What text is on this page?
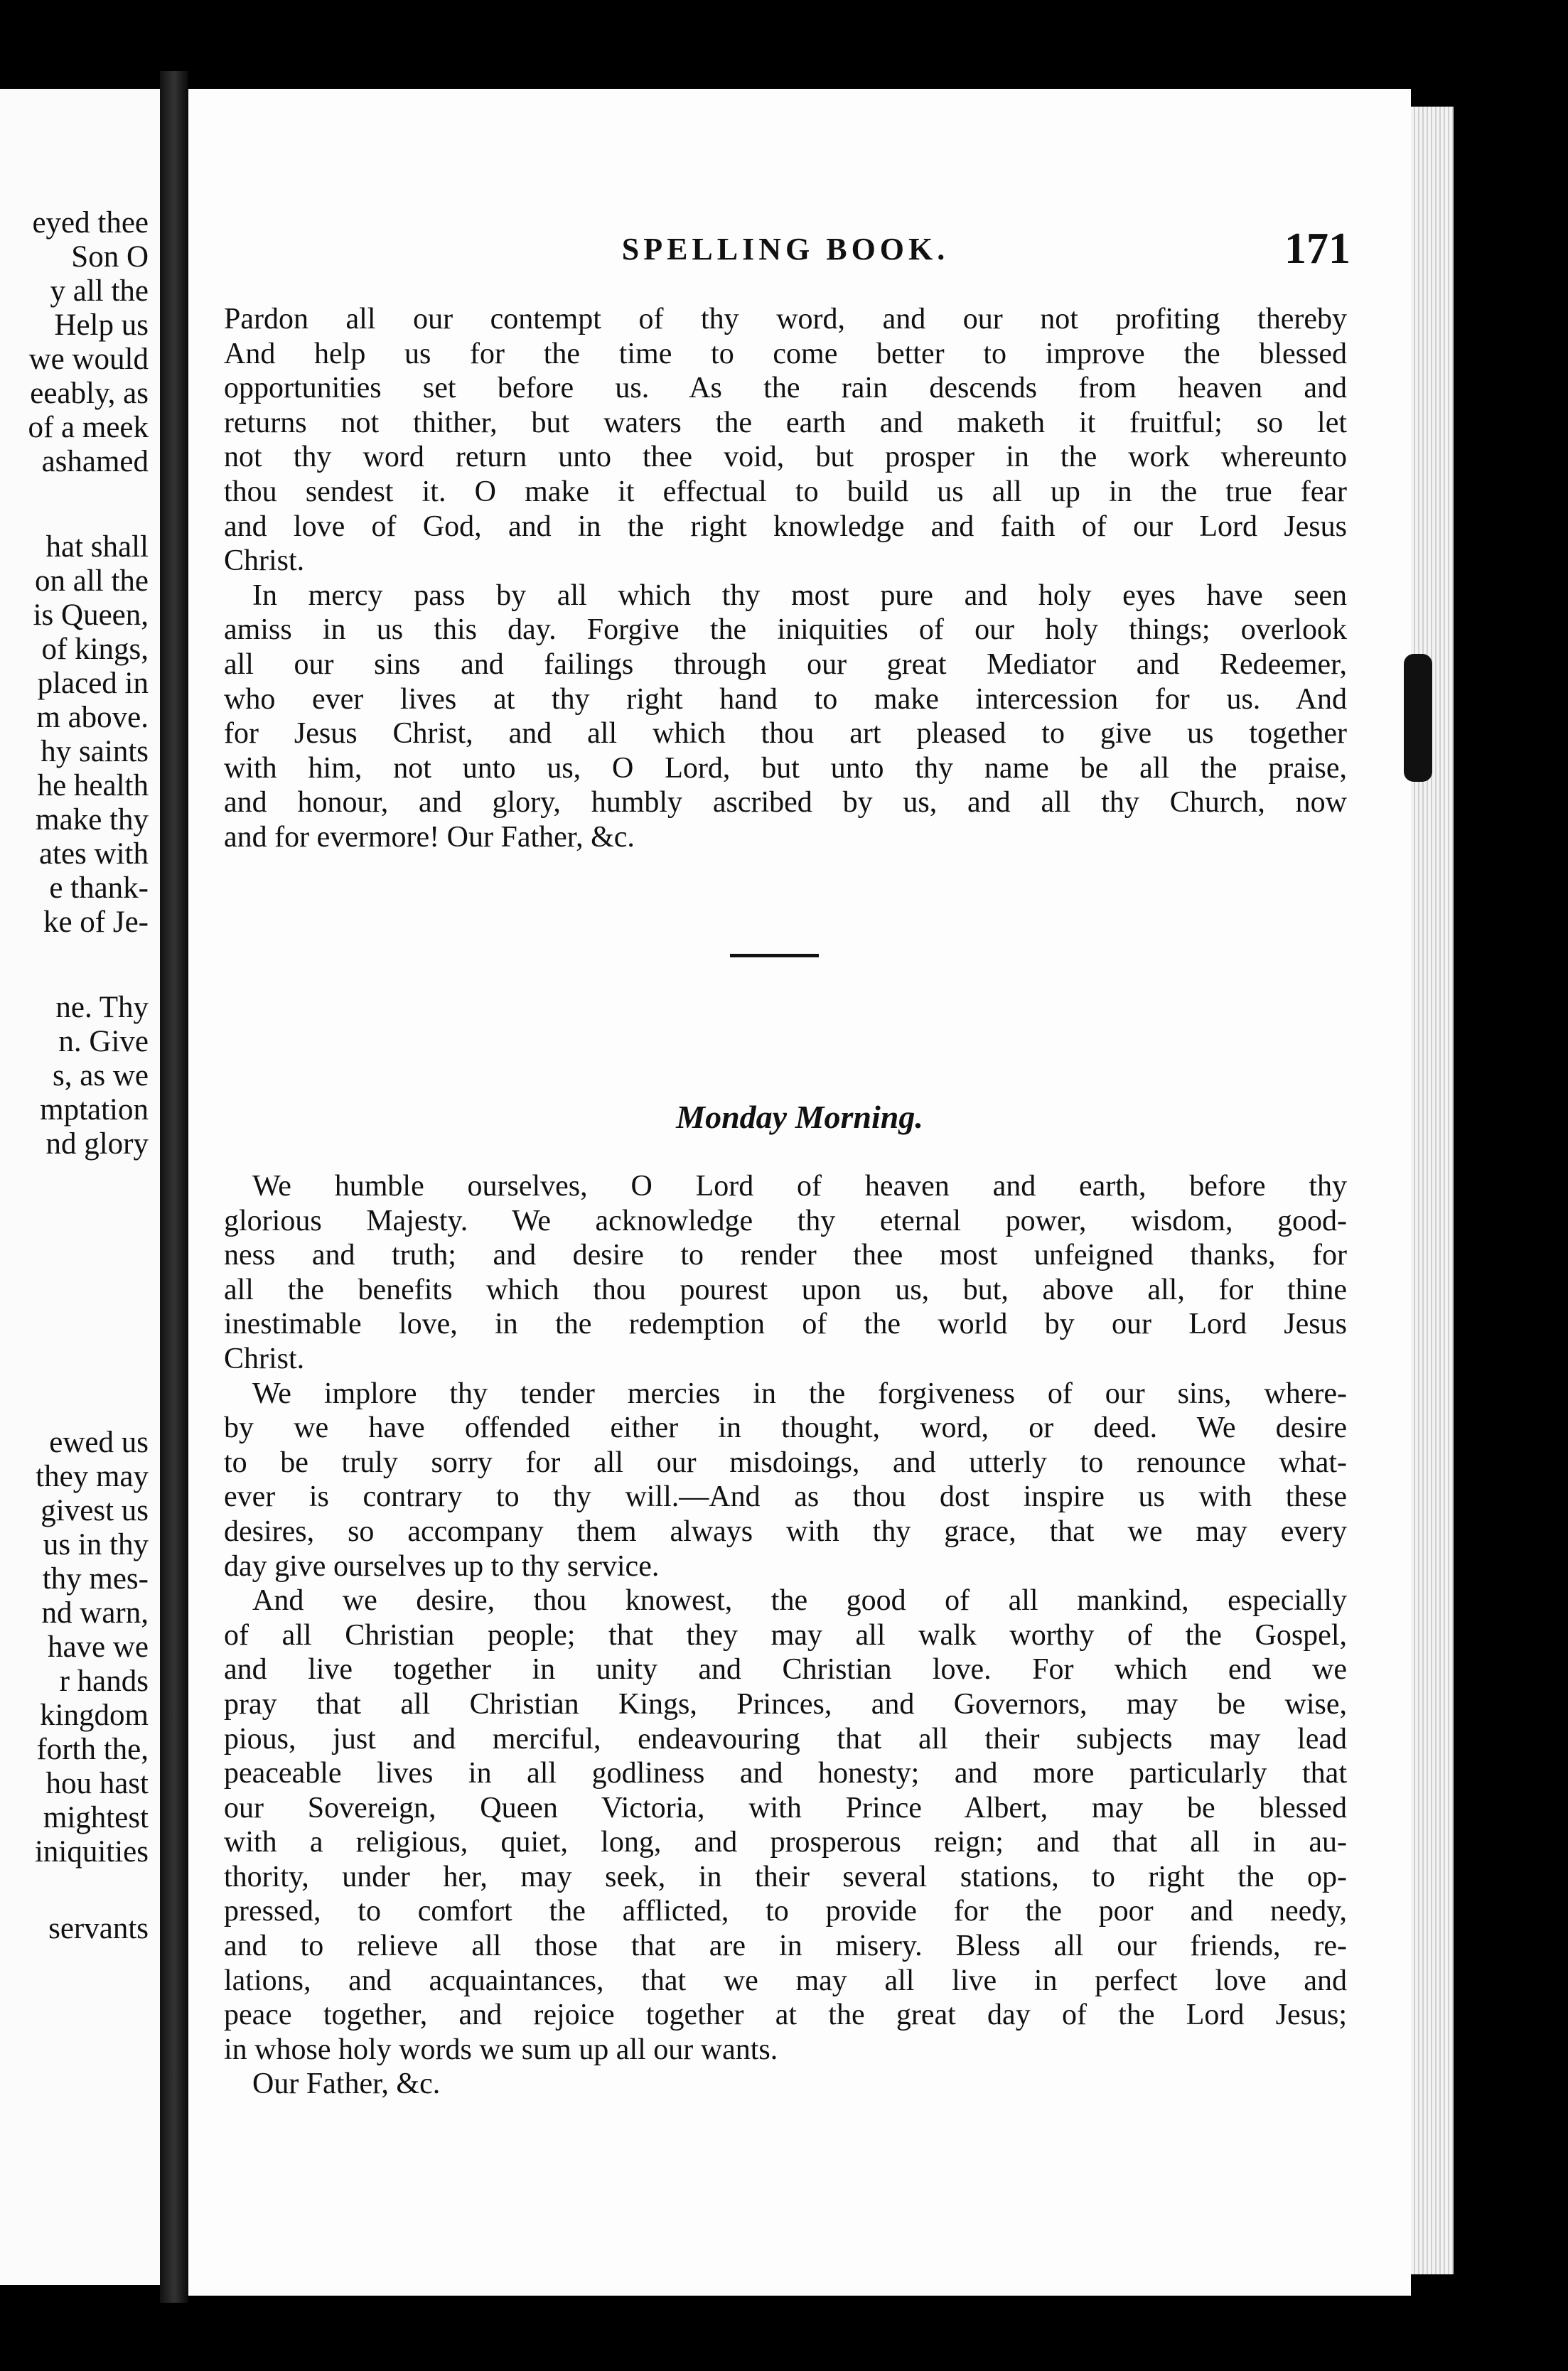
eyed thee
Son O
y all the
Help us
we would
eeably, as
of a meek
ashamed
hat shall
on all the
is Queen,
of kings,
placed in
m above.
hy saints
he health
make thy
ates with
e thank-
ke of Je-
ne. Thy
n. Give
s, as we
mptation
nd glory
ewed us
they may
givest us
us in thy
thy mes-
nd warn,
have we
r hands
kingdom
forth the,
hou hast
mightest
iniquities
servants
SPELLING BOOK.	171
Pardon all our contempt of thy word, and our not profiting thereby
And help us for the time to come better to improve the blessed
opportunities set before us. As the rain descends from heaven and
returns not thither, but waters the earth and maketh it fruitful; so let
not thy word return unto thee void, but prosper in the work whereunto
thou sendest it. O make it effectual to build us all up in the true fear
and love of God, and in the right knowledge and faith of our Lord Jesus
Christ.
In mercy pass by all which thy most pure and holy eyes have seen
amiss in us this day. Forgive the iniquities of our holy things; overlook
all our sins and failings through our great Mediator and Redeemer,
who ever lives at thy right hand to make intercession for us. And
for Jesus Christ, and all which thou art pleased to give us together
with him, not unto us, O Lord, but unto thy name be all the praise,
and honour, and glory, humbly ascribed by us, and all thy Church, now
and for evermore! Our Father, &c.
Monday Morning.
We humble ourselves, O Lord of heaven and earth, before thy
glorious Majesty. We acknowledge thy eternal power, wisdom, good-
ness and truth; and desire to render thee most unfeigned thanks, for
all the benefits which thou pourest upon us, but, above all, for thine
inestimable love, in the redemption of the world by our Lord Jesus
Christ.
We implore thy tender mercies in the forgiveness of our sins, where-
by we have offended either in thought, word, or deed. We desire
to be truly sorry for all our misdoings, and utterly to renounce what-
ever is contrary to thy will.—And as thou dost inspire us with these
desires, so accompany them always with thy grace, that we may every
day give ourselves up to thy service.
And we desire, thou knowest, the good of all mankind, especially
of all Christian people; that they may all walk worthy of the Gospel,
and live together in unity and Christian love. For which end we
pray that all Christian Kings, Princes, and Governors, may be wise,
pious, just and merciful, endeavouring that all their subjects may lead
peaceable lives in all godliness and honesty; and more particularly that
our Sovereign, Queen Victoria, with Prince Albert, may be blessed
with a religious, quiet, long, and prosperous reign; and that all in au-
thority, under her, may seek, in their several stations, to right the op-
pressed, to comfort the afflicted, to provide for the poor and needy,
and to relieve all those that are in misery. Bless all our friends, re-
lations, and acquaintances, that we may all live in perfect love and
peace together, and rejoice together at the great day of the Lord Jesus;
in whose holy words we sum up all our wants.
Our Father, &c.
